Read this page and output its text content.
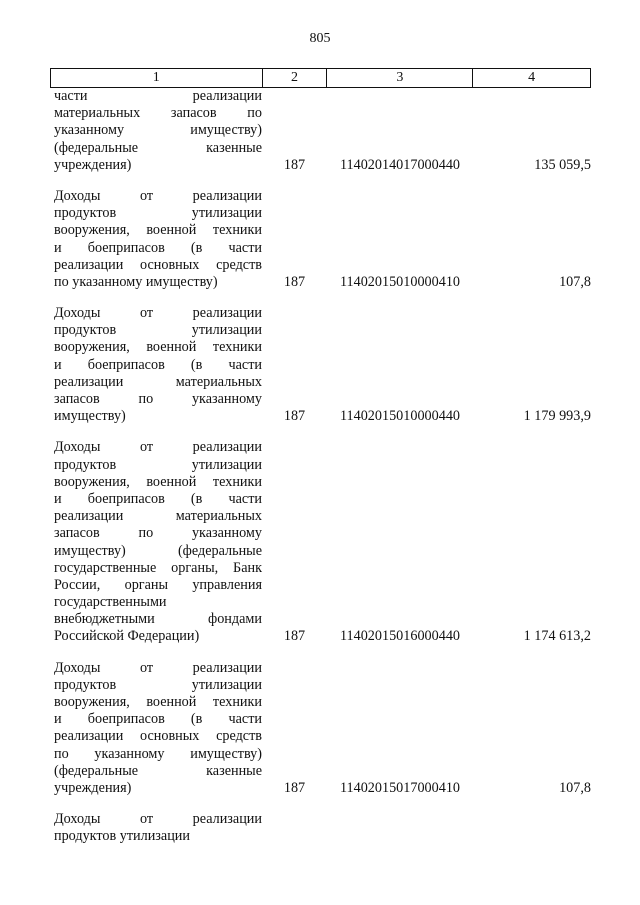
805
1	2	3	4
части реализации
материальных запасов по
указанному имуществу)
(федеральные казенные
учреждения)	187	11402014017000440	135 059,5
Доходы от реализации
продуктов утилизации
вооружения, военной техники
и боеприпасов (в части
реализации основных средств
по указанному имуществу)	187	11402015010000410	107,8
Доходы от реализации
продуктов утилизации
вооружения, военной техники
и боеприпасов (в части
реализации материальных
запасов по указанному
имуществу)	187	11402015010000440	1 179 993,9
Доходы от реализации
продуктов утилизации
вооружения, военной техники
и боеприпасов (в части
реализации материальных
запасов по указанному
имуществу) (федеральные
государственные органы, Банк
России, органы управления
государственными
внебюджетными фондами
Российской Федерации)	187	11402015016000440	1 174 613,2
Доходы от реализации
продуктов утилизации
вооружения, военной техники
и боеприпасов (в части
реализации основных средств
по указанному имуществу)
(федеральные казенные
учреждения)	187	11402015017000410	107,8
Доходы от реализации
продуктов утилизации
